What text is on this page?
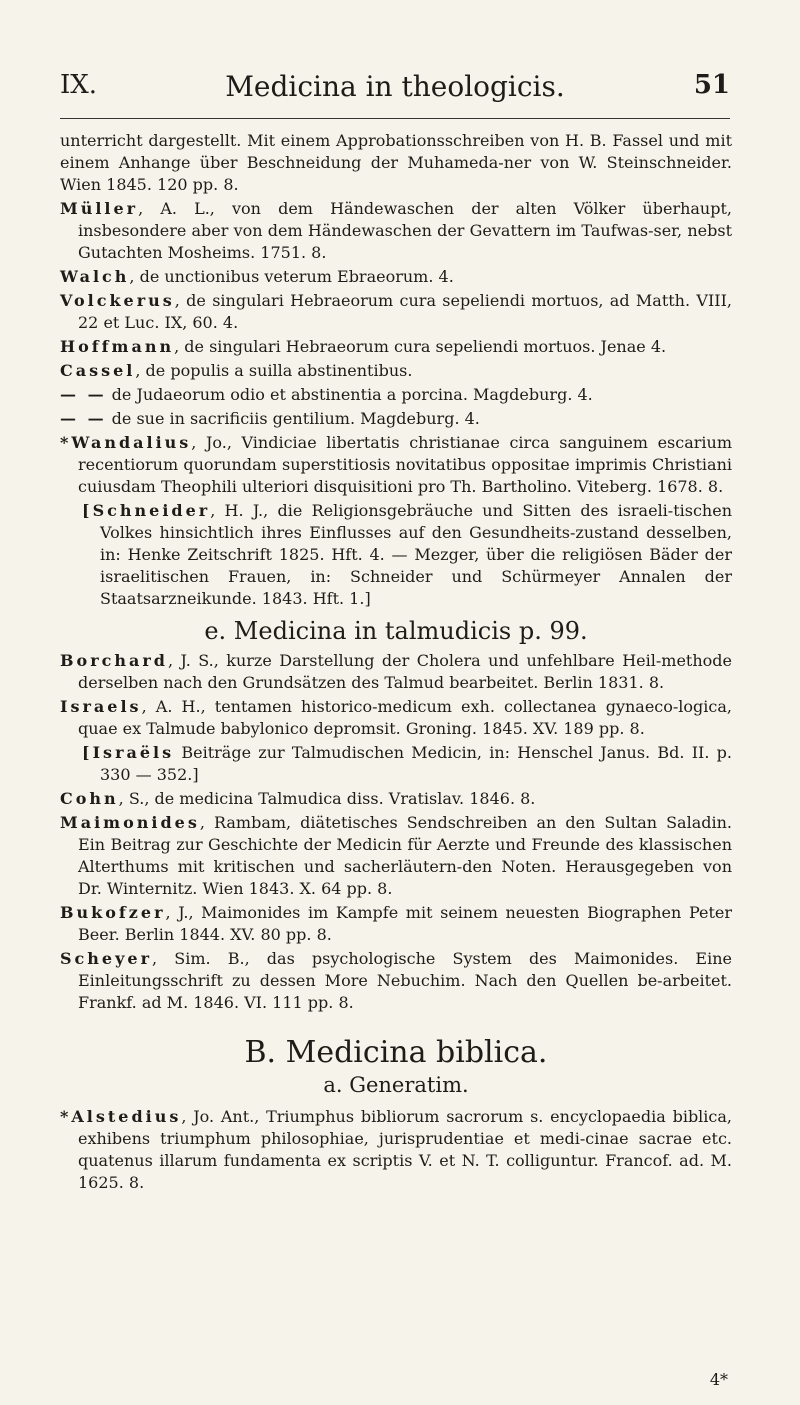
IX.	Medicina in theologicis.	51
unterricht dargestellt. Mit einem Approbationsschreiben von H. B. Fassel und mit einem Anhange über Beschneidung der Muhameda-ner von W. Steinschneider. Wien 1845. 120 pp. 8.
Müller, A. L., von dem Händewaschen der alten Völker überhaupt, insbesondere aber von dem Händewaschen der Gevattern im Taufwas-ser, nebst Gutachten Mosheims. 1751. 8.
Walch, de unctionibus veterum Ebraeorum. 4.
Volckerus, de singulari Hebraeorum cura sepeliendi mortuos, ad Matth. VIII, 22 et Luc. IX, 60. 4.
Hoffmann, de singulari Hebraeorum cura sepeliendi mortuos. Jenae 4.
Cassel, de populis a suilla abstinentibus.
— — de Judaeorum odio et abstinentia a porcina. Magdeburg. 4.
— — de sue in sacrificiis gentilium. Magdeburg. 4.
*Wandalius, Jo., Vindiciae libertatis christianae circa sanguinem escarium recentiorum quorundam superstitiosis novitatibus oppositae imprimis Christiani cuiusdam Theophili ulteriori disquisitioni pro Th. Bartholino. Viteberg. 1678. 8.
[Schneider, H. J., die Religionsgebräuche und Sitten des israeli-tischen Volkes hinsichtlich ihres Einflusses auf den Gesundheits-zustand desselben, in: Henke Zeitschrift 1825. Hft. 4. — Mezger, über die religiösen Bäder der israelitischen Frauen, in: Schneider und Schürmeyer Annalen der Staatsarzneikunde. 1843. Hft. 1.]
e. Medicina in talmudicis p. 99.
Borchard, J. S., kurze Darstellung der Cholera und unfehlbare Heil-methode derselben nach den Grundsätzen des Talmud bearbeitet. Berlin 1831. 8.
Israels, A. H., tentamen historico-medicum exh. collectanea gynaeco-logica, quae ex Talmude babylonico depromsit. Groning. 1845. XV. 189 pp. 8.
[Israëls Beiträge zur Talmudischen Medicin, in: Henschel Janus. Bd. II. p. 330 — 352.]
Cohn, S., de medicina Talmudica diss. Vratislav. 1846. 8.
Maimonides, Rambam, diätetisches Sendschreiben an den Sultan Saladin. Ein Beitrag zur Geschichte der Medicin für Aerzte und Freunde des klassischen Alterthums mit kritischen und sacherläutern-den Noten. Herausgegeben von Dr. Winternitz. Wien 1843. X. 64 pp. 8.
Bukofzer, J., Maimonides im Kampfe mit seinem neuesten Biographen Peter Beer. Berlin 1844. XV. 80 pp. 8.
Scheyer, Sim. B., das psychologische System des Maimonides. Eine Einleitungsschrift zu dessen More Nebuchim. Nach den Quellen be-arbeitet. Frankf. ad M. 1846. VI. 111 pp. 8.
B. Medicina biblica.
a. Generatim.
*Alstedius, Jo. Ant., Triumphus bibliorum sacrorum s. encyclopaedia biblica, exhibens triumphum philosophiae, jurisprudentiae et medi-cinae sacrae etc. quatenus illarum fundamenta ex scriptis V. et N. T. colliguntur. Francof. ad. M. 1625. 8.
4*
